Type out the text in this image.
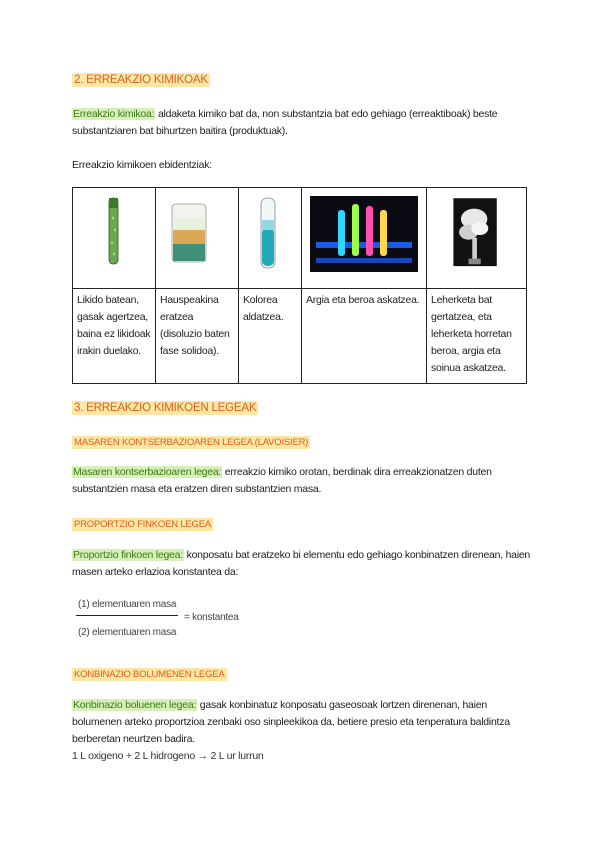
2. ERREAKZIO KIMIKOAK
Erreakzio kimikoa: aldaketa kimiko bat da, non substantzia bat edo gehiago (erreaktiboak) beste substantziaren bat bihurtzen baitira (produktuak).
Erreakzio kimikoen ebidentziak:

Likido batean, gasak agertzea, baina ez likidoak irakin duelako.	Hauspeakina eratzea (disoluzio baten fase solidoa).	Kolorea aldatzea.	Argia eta beroa askatzea.	Leherketa bat gertatzea, eta leherketa horretan beroa, argia eta soinua askatzea.
3. ERREAKZIO KIMIKOEN LEGEAK
MASAREN KONTSERBAZIOAREN LEGEA (LAVOISIER)
Masaren kontserbazioaren legea: erreakzio kimiko orotan, berdinak dira erreakzionatzen duten substantzien masa eta eratzen diren substantzien masa.
PROPORTZIO FINKOEN LEGEA
Proportzio finkoen legea: konposatu bat eratzeko bi elementu edo gehiago konbinatzen direnean, haien masen arteko erlazioa konstantea da:
(1) elementuaren masa
(2) elementuaren masa
= konstantea
KONBINAZIO BOLUMENEN LEGEA
Konbinazio boluenen legea: gasak konbinatuz konposatu gaseosoak lortzen direnenan, haien bolumenen arteko proportzioa zenbaki oso sinpleekikoa da, betiere presio eta tenperatura baldintza berberetan neurtzen badira.
1 L oxigeno + 2 L hidrogeno → 2 L ur lurrun
